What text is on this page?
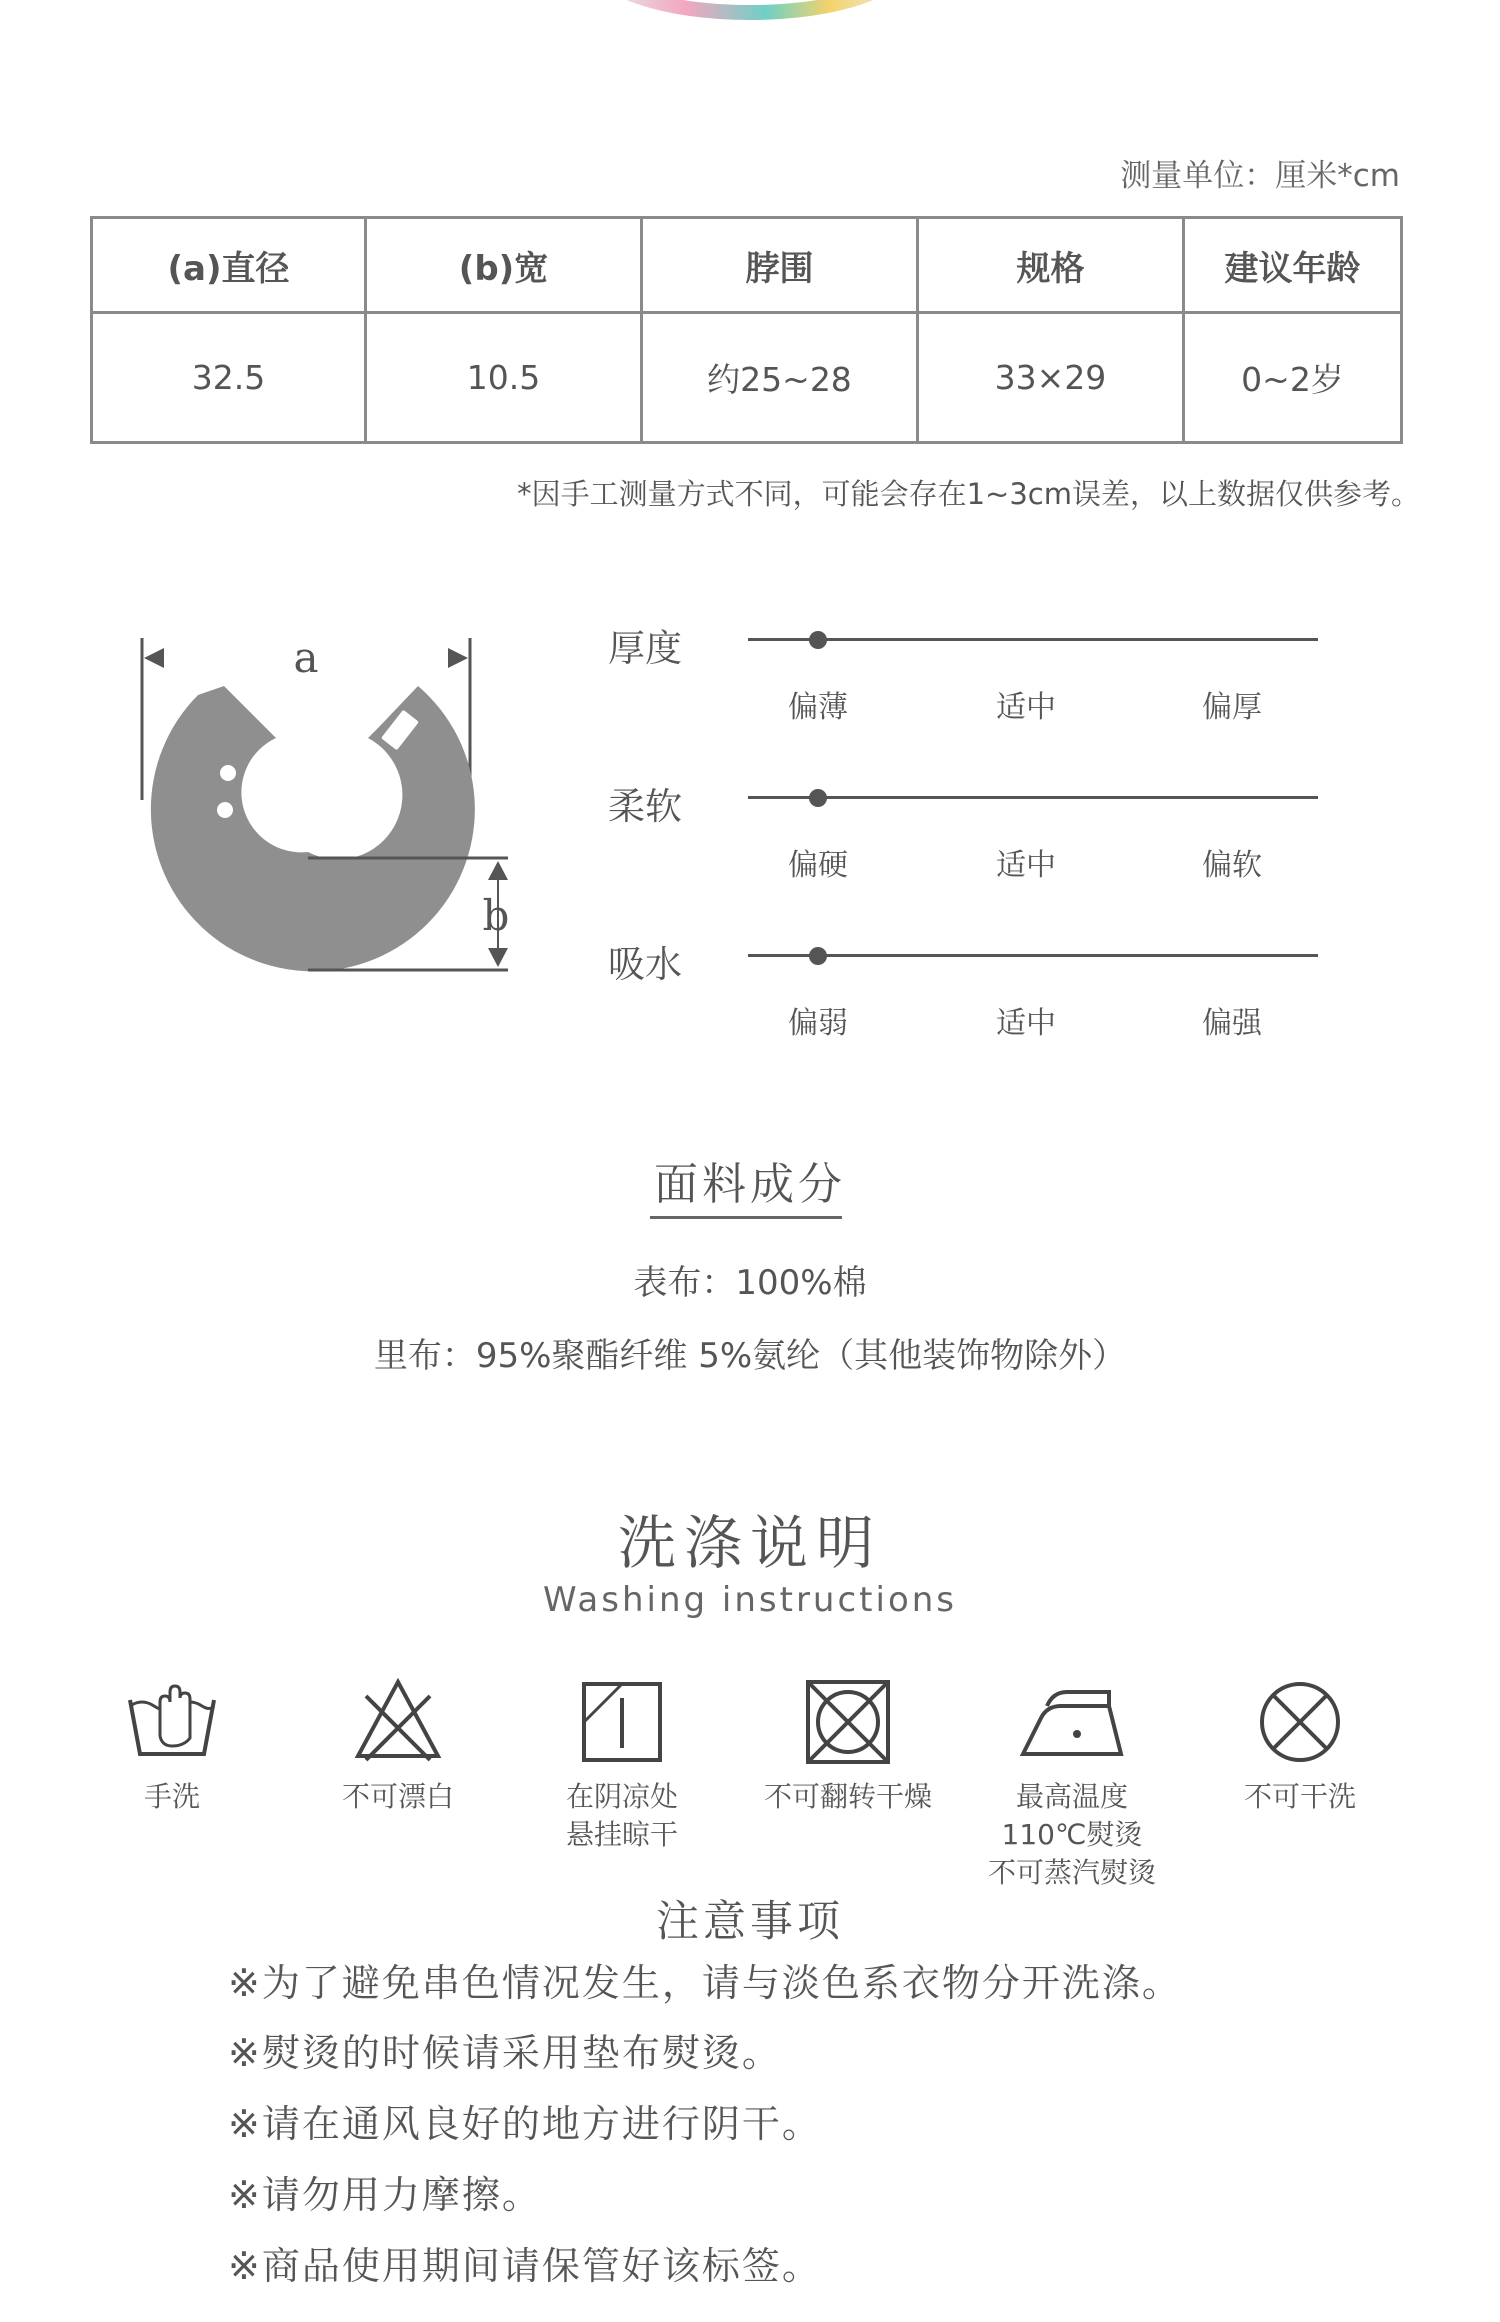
测量单位：厘米*cm
(a)直径	(b)宽	脖围	规格	建议年龄
32.5	10.5	约25~28	33×29	0~2岁
*因手工测量方式不同，可能会存在1~3cm误差，以上数据仅供参考。
a
b
厚度
偏薄	适中	偏厚
柔软
偏硬	适中	偏软
吸水
偏弱	适中	偏强
面料成分
表布：100%棉
里布：95%聚酯纤维 5%氨纶（其他装饰物除外）
洗涤说明
Washing instructions
手洗	不可漂白	在阴凉处
悬挂晾干
不可翻转干燥	最高温度
110℃熨烫
不可蒸汽熨烫
不可干洗
注意事项
※为了避免串色情况发生，请与淡色系衣物分开洗涤。
※熨烫的时候请采用垫布熨烫。
※请在通风良好的地方进行阴干。
※请勿用力摩擦。
※商品使用期间请保管好该标签。
